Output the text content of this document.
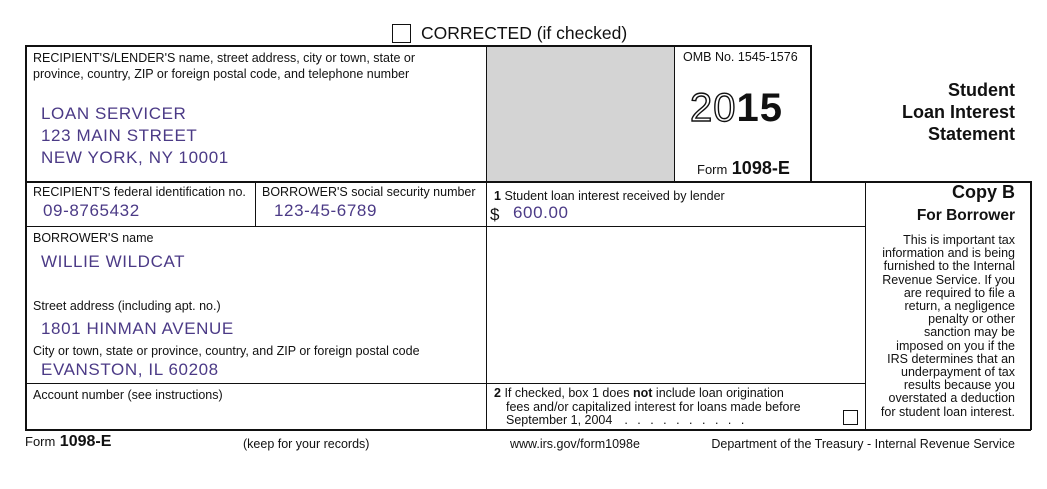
CORRECTED (if checked)
RECIPIENT'S/LENDER'S name, street address, city or town, state or
province, country, ZIP or foreign postal code, and telephone number
LOAN SERVICER
123 MAIN STREET
NEW YORK, NY 10001
OMB No. 1545-1576
2015
Form 1098-E
Student
Loan Interest
Statement
RECIPIENT'S federal identification no.
09-8765432
BORROWER'S social security number
123-45-6789
1 Student loan interest received by lender
$ 600.00
Copy B
For Borrower
This is important tax
information and is being
furnished to the Internal
Revenue Service. If you
are required to file a
return, a negligence
penalty or other
sanction may be
imposed on you if the
IRS determines that an
underpayment of tax
results because you
overstated a deduction
for student loan interest.
BORROWER'S name
WILLIE WILDCAT
Street address (including apt. no.)
1801 HINMAN AVENUE
City or town, state or province, country, and ZIP or foreign postal code
EVANSTON, IL 60208
Account number (see instructions)	2 If checked, box 1 does not include loan origination
fees and/or capitalized interest for loans made before
September 1, 2004 . . . . . . . . . .
Form 1098-E	(keep for your records)	www.irs.gov/form1098e	Department of the Treasury - Internal Revenue Service
